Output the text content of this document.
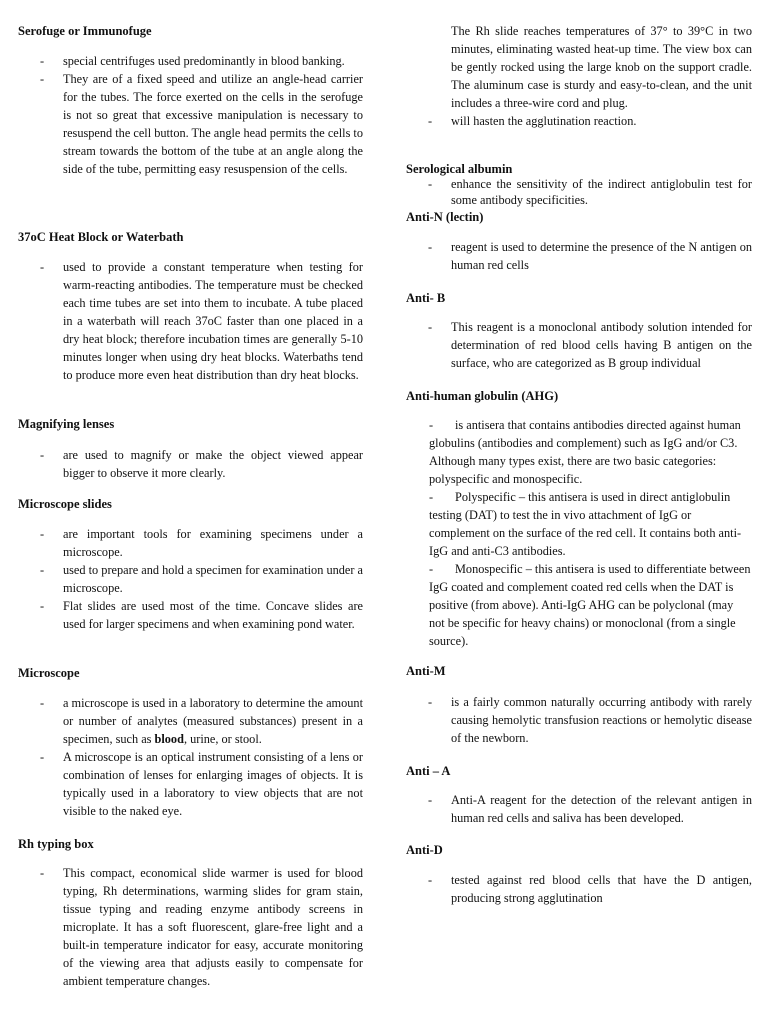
Serofuge or Immunofuge
- special centrifuges used predominantly in blood banking.
- They are of a fixed speed and utilize an angle-head carrier for the tubes. The force exerted on the cells in the serofuge is not so great that excessive manipulation is necessary to resuspend the cell button. The angle head permits the cells to stream towards the bottom of the tube at an angle along the side of the tube, permitting easy resuspension of the cells.
37oC Heat Block or Waterbath
- used to provide a constant temperature when testing for warm-reacting antibodies. The temperature must be checked each time tubes are set into them to incubate. A tube placed in a waterbath will reach 37oC faster than one placed in a dry heat block; therefore incubation times are generally 5-10 minutes longer when using dry heat blocks. Waterbaths tend to produce more even heat distribution than dry heat blocks.
Magnifying lenses
- are used to magnify or make the object viewed appear bigger to observe it more clearly.
Microscope slides
- are important tools for examining specimens under a microscope.
- used to prepare and hold a specimen for examination under a microscope.
- Flat slides are used most of the time. Concave slides are used for larger specimens and when examining pond water.
Microscope
- a microscope is used in a laboratory to determine the amount or number of analytes (measured substances) present in a specimen, such as blood, urine, or stool.
- A microscope is an optical instrument consisting of a lens or combination of lenses for enlarging images of objects. It is typically used in a laboratory to view objects that are not visible to the naked eye.
Rh typing box
- This compact, economical slide warmer is used for blood typing, Rh determinations, warming slides for gram stain, tissue typing and reading enzyme antibody screens in microplate. It has a soft fluorescent, glare-free light and a built-in temperature indicator for easy, accurate monitoring of the viewing area that adjusts easily to compensate for ambient temperature changes.
The Rh slide reaches temperatures of 37° to 39°C in two minutes, eliminating wasted heat-up time. The view box can be gently rocked using the large knob on the support cradle. The aluminum case is sturdy and easy-to-clean, and the unit includes a three-wire cord and plug.
- will hasten the agglutination reaction.
Serological albumin
- enhance the sensitivity of the indirect antiglobulin test for some antibody specificities.
Anti-N (lectin)
- reagent is used to determine the presence of the N antigen on human red cells
Anti- B
- This reagent is a monoclonal antibody solution intended for determination of red blood cells having B antigen on the surface, who are categorized as B group individual
Anti-human globulin (AHG)
- is antisera that contains antibodies directed against human globulins (antibodies and complement) such as IgG and/or C3. Although many types exist, there are two basic categories: polyspecific and monospecific.
- Polyspecific – this antisera is used in direct antiglobulin testing (DAT) to test the in vivo attachment of IgG or complement on the surface of the red cell. It contains both anti-IgG and anti-C3 antibodies.
- Monospecific – this antisera is used to differentiate between IgG coated and complement coated red cells when the DAT is positive (from above). Anti-IgG AHG can be polyclonal (may not be specific for heavy chains) or monoclonal (from a single source).
Anti-M
- is a fairly common naturally occurring antibody with rarely causing hemolytic transfusion reactions or hemolytic disease of the newborn.
Anti – A
- Anti-A reagent for the detection of the relevant antigen in human red cells and saliva has been developed.
Anti-D
- tested against red blood cells that have the D antigen, producing strong agglutination
